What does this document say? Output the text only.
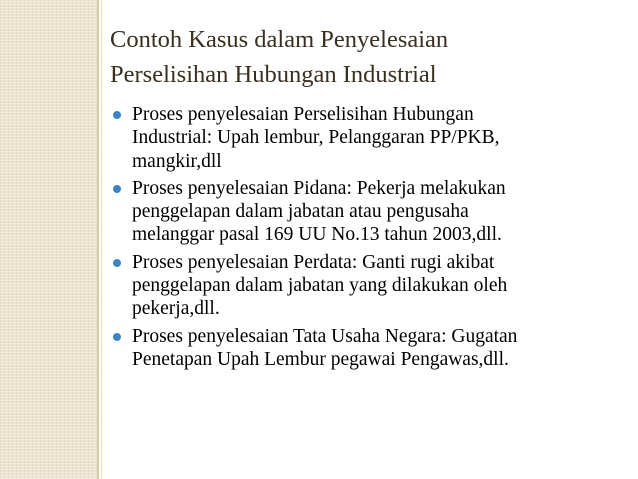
Contoh Kasus dalam Penyelesaian
Perselisihan Hubungan Industrial
Proses penyelesaian Perselisihan Hubungan
Industrial: Upah lembur, Pelanggaran PP/PKB,
mangkir,dll
Proses penyelesaian Pidana: Pekerja melakukan
penggelapan dalam jabatan atau pengusaha
melanggar pasal 169 UU No.13 tahun 2003,dll.
Proses penyelesaian Perdata: Ganti rugi akibat
penggelapan dalam jabatan yang dilakukan oleh
pekerja,dll.
Proses penyelesaian Tata Usaha Negara: Gugatan
Penetapan Upah Lembur pegawai Pengawas,dll.
